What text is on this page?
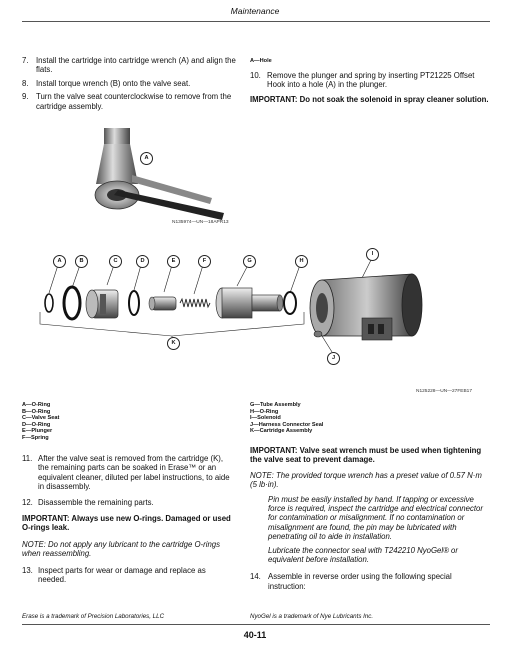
Maintenance
7. Install the cartridge into cartridge wrench (A) and align the flats.
8. Install torque wrench (B) onto the valve seat.
9. Turn the valve seat counterclockwise to remove from the cartridge assembly.
A—Hole
10. Remove the plunger and spring by inserting PT21225 Offset Hook into a hole (A) in the plunger.
IMPORTANT: Do not soak the solenoid in spray cleaner solution.
A
N135974—UN—18APR13
A	B	C	D	E	F	G	H
I
J
K
N125228—UN—27FEB17
A—O-Ring
B—O-Ring
C—Valve Seat
D—O-Ring
E—Plunger
F—Spring
G—Tube Assembly
H—O-Ring
I—Solenoid
J—Harness Connector Seal
K—Cartridge Assembly
11. After the valve seat is removed from the cartridge (K), the remaining parts can be soaked in Erase™ or an equivalent cleaner, diluted per label instructions, to aide in disassembly.
12. Disassemble the remaining parts.
IMPORTANT: Always use new O-rings. Damaged or used O-rings leak.
NOTE: Do not apply any lubricant to the cartridge O-rings when reassembling.
13. Inspect parts for wear or damage and replace as needed.
IMPORTANT: Valve seat wrench must be used when tightening the valve seat to prevent damage.
NOTE: The provided torque wrench has a preset value of 0.57 N·m (5 lb·in).
Pin must be easily installed by hand. If tapping or excessive force is required, inspect the cartridge and electrical connector for contamination or misalignment. If no contamination or misalignment are found, the pin may be lubricated with penetrating oil to aide in installation.
Lubricate the connector seal with T242210 NyoGel® or equivalent before installation.
14. Assemble in reverse order using the following special instruction:
Erase is a trademark of Precision Laboratories, LLC	NyoGel is a trademark of Nye Lubricants Inc.
40-11
